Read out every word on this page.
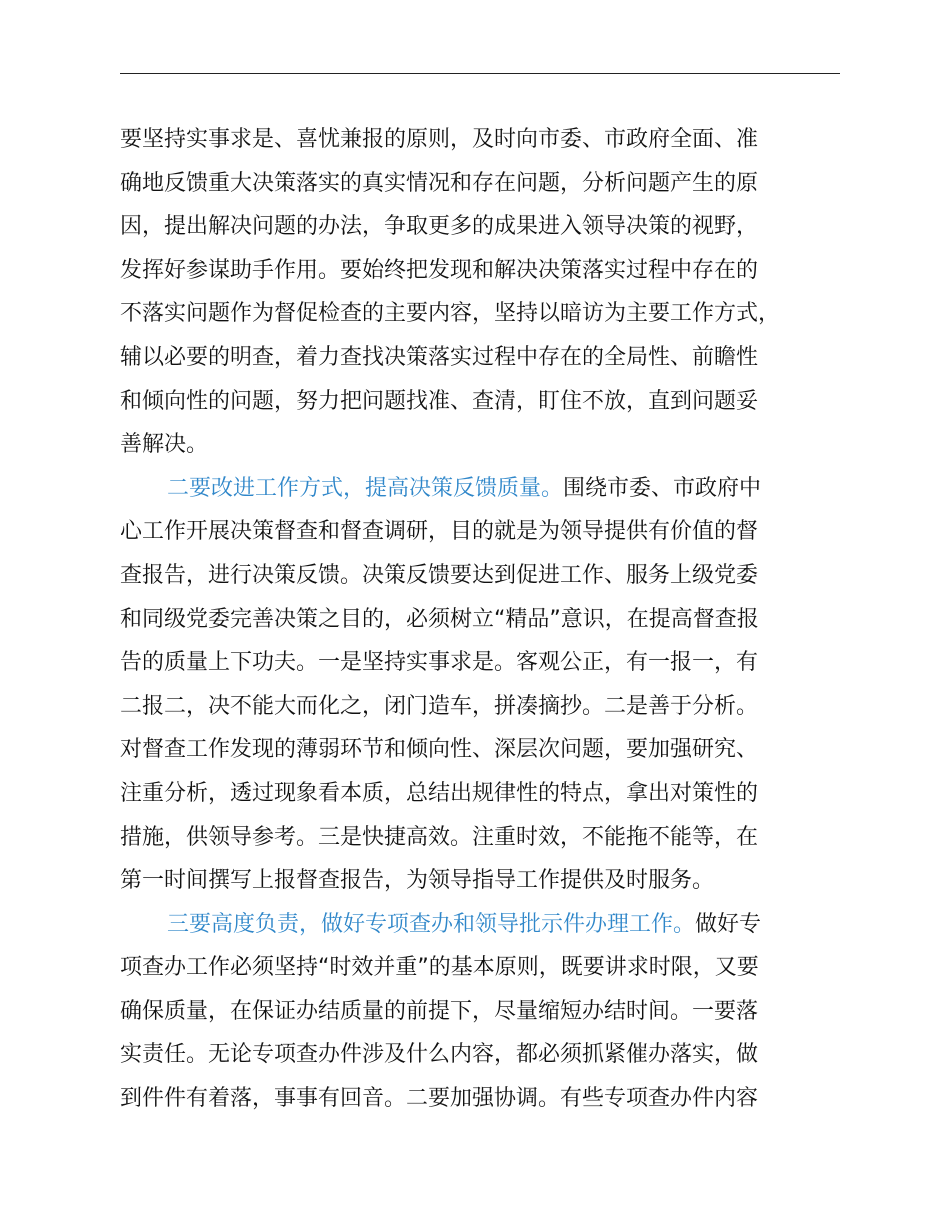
要坚持实事求是、喜忧兼报的原则，及时向市委、市政府全面、准
确地反馈重大决策落实的真实情况和存在问题，分析问题产生的原
因，提出解决问题的办法，争取更多的成果进入领导决策的视野，
发挥好参谋助手作用。要始终把发现和解决决策落实过程中存在的
不落实问题作为督促检查的主要内容，坚持以暗访为主要工作方式，
辅以必要的明查，着力查找决策落实过程中存在的全局性、前瞻性
和倾向性的问题，努力把问题找准、查清，盯住不放，直到问题妥
善解决。
二要改进工作方式，提高决策反馈质量。围绕市委、市政府中
心工作开展决策督查和督查调研，目的就是为领导提供有价值的督
查报告，进行决策反馈。决策反馈要达到促进工作、服务上级党委
和同级党委完善决策之目的，必须树立“精品”意识，在提高督查报
告的质量上下功夫。一是坚持实事求是。客观公正，有一报一，有
二报二，决不能大而化之，闭门造车，拼凑摘抄。二是善于分析。
对督查工作发现的薄弱环节和倾向性、深层次问题，要加强研究、
注重分析，透过现象看本质，总结出规律性的特点，拿出对策性的
措施，供领导参考。三是快捷高效。注重时效，不能拖不能等，在
第一时间撰写上报督查报告，为领导指导工作提供及时服务。
三要高度负责，做好专项查办和领导批示件办理工作。做好专
项查办工作必须坚持“时效并重”的基本原则，既要讲求时限，又要
确保质量，在保证办结质量的前提下，尽量缩短办结时间。一要落
实责任。无论专项查办件涉及什么内容，都必须抓紧催办落实，做
到件件有着落，事事有回音。二要加强协调。有些专项查办件内容
